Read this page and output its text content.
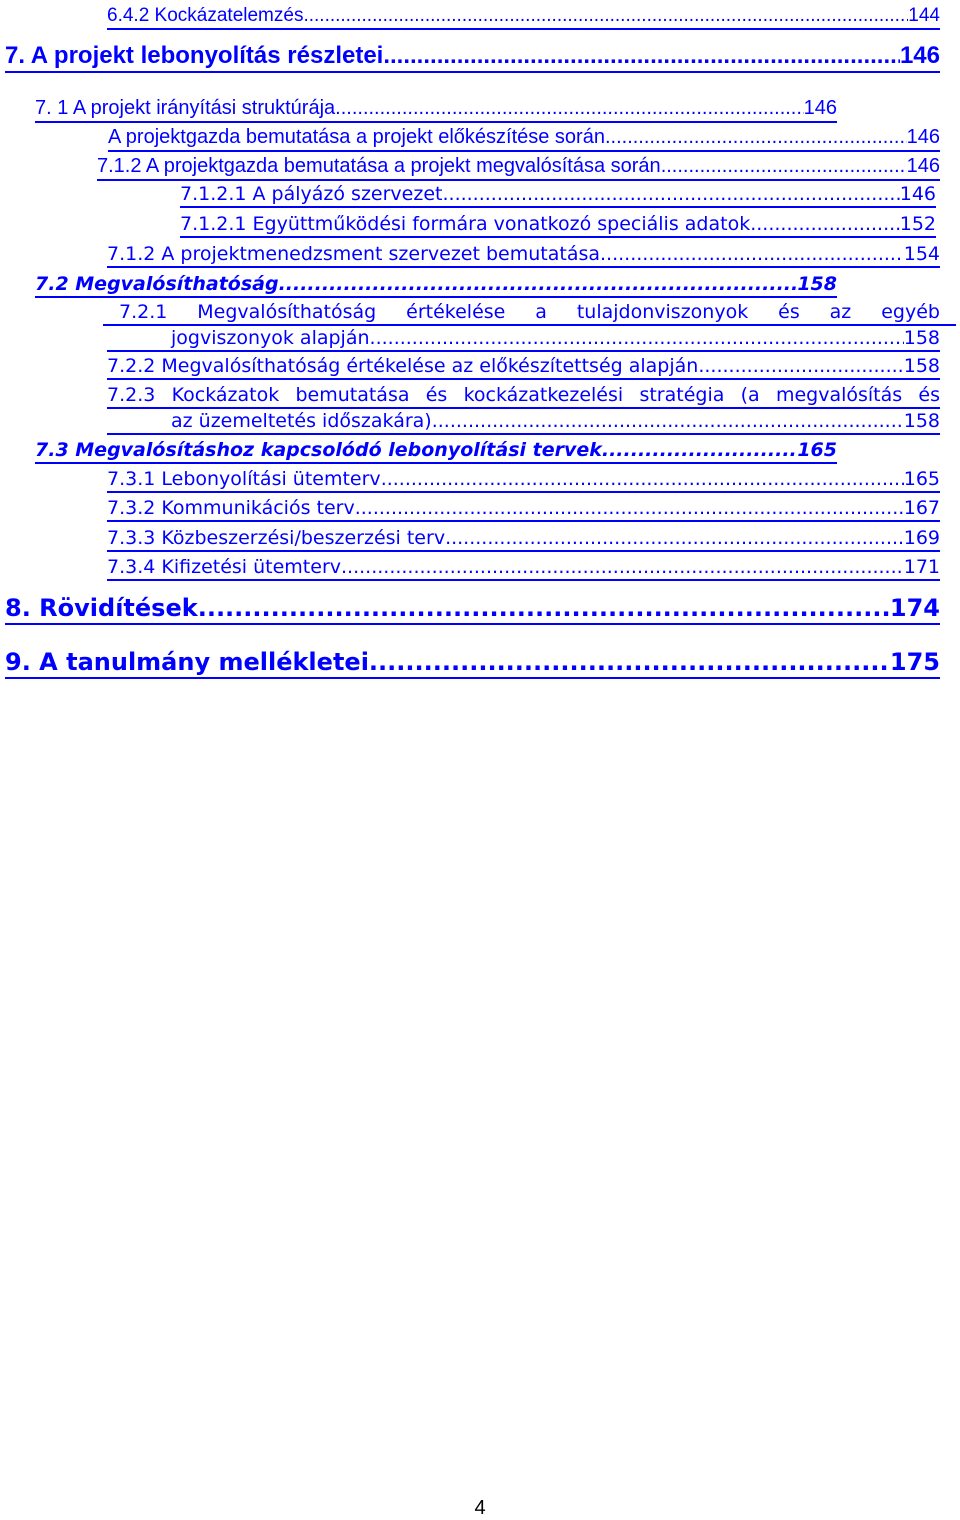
6.4.2 Kockázatelemzés .....	144
7. A projekt lebonyolítás részletei .....	146
7. 1 A projekt irányítási struktúrája .....	146
A projektgazda bemutatása a projekt előkészítése során .....	146
7.1.2 A projektgazda bemutatása a projekt megvalósítása során .....	146
7.1.2.1 A pályázó szervezet .....	146
7.1.2.1 Együttműködési formára vonatkozó speciális adatok .....	152
7.1.2 A projektmenedzsment szervezet bemutatása .....	154
7.2 Megvalósíthatóság .....	158
7.2.1 Megvalósíthatóság értékelése a tulajdonviszonyok és az egyéb
jogviszonyok alapján .....	158
7.2.2 Megvalósíthatóság értékelése az előkészítettség alapján .....	158
7.2.3 Kockázatok bemutatása és kockázatkezelési stratégia (a megvalósítás és
az üzemeltetés időszakára) .....	158
7.3 Megvalósításhoz kapcsolódó lebonyolítási tervek .....	165
7.3.1 Lebonyolítási ütemterv .....	165
7.3.2 Kommunikációs terv .....	167
7.3.3 Közbeszerzési/beszerzési terv .....	169
7.3.4 Kifizetési ütemterv .....	171
8. Rövidítések .....	174
9. A tanulmány mellékletei .....	175
4
